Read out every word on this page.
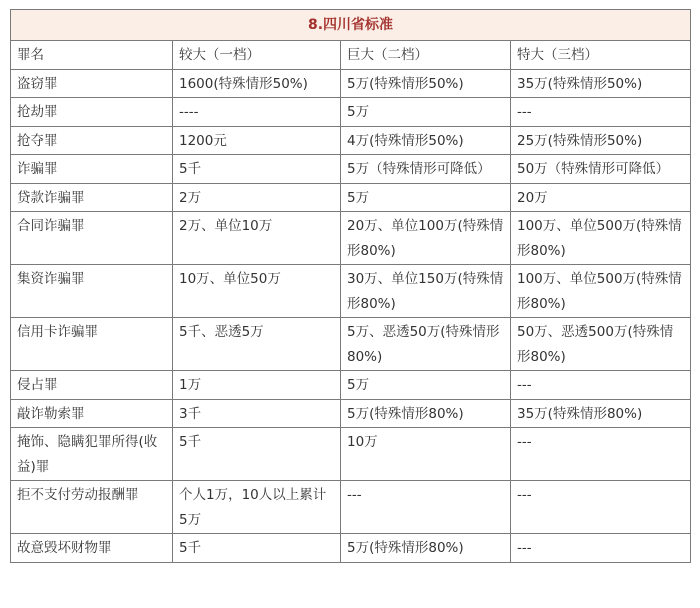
8.四川省标准			
罪名	较大（一档）	巨大（二档）	特大（三档）
盗窃罪	1600(特殊情形50%)	5万(特殊情形50%)	35万(特殊情形50%)
抢劫罪	----	5万	---
抢夺罪	1200元	4万(特殊情形50%)	25万(特殊情形50%)
诈骗罪	5千	5万（特殊情形可降低）	50万（特殊情形可降低）
贷款诈骗罪	2万	5万	20万
合同诈骗罪	2万、单位10万	20万、单位100万(特殊情形80%)	100万、单位500万(特殊情形80%)
集资诈骗罪	10万、单位50万	30万、单位150万(特殊情形80%)	100万、单位500万(特殊情形80%)
信用卡诈骗罪	5千、恶透5万	5万、恶透50万(特殊情形80%)	50万、恶透500万(特殊情形80%)
侵占罪	1万	5万	---
敲诈勒索罪	3千	5万(特殊情形80%)	35万(特殊情形80%)
掩饰、隐瞒犯罪所得(收益)罪	5千	10万	---
拒不支付劳动报酬罪	个人1万，10人以上累计5万	---	---
故意毁坏财物罪	5千	5万(特殊情形80%)	---
